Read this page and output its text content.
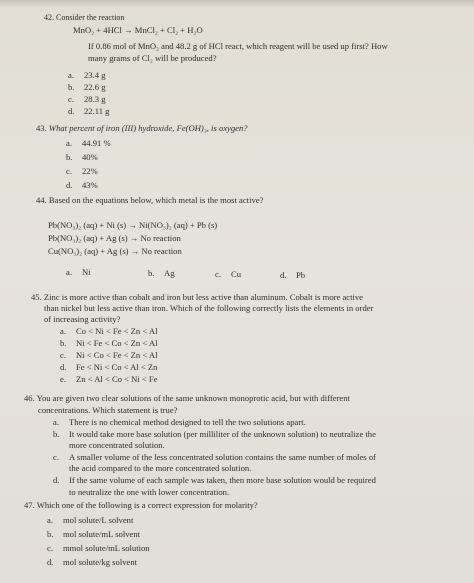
42. Consider the reaction
MnO₂ + 4HCl → MnCl₂ + Cl₂ + H₂O
If 0.86 mol of MnO₂ and 48.2 g of HCl react, which reagent will be used up first? How
many grams of Cl₂ will be produced?
a. 23.4 g
b. 22.6 g
c. 28.3 g
d. 22.11 g
43. What percent of iron (III) hydroxide, Fe(OH)₃, is oxygen?
a. 44.91 %
b. 40%
c. 22%
d. 43%
44. Based on the equations below, which metal is the most active?
Pb(NO₃)₂ (aq) + Ni (s) → Ni(NO₃)₂ (aq) + Pb (s)
Pb(NO₃)₂ (aq) + Ag (s) → No reaction
Cu(NO₃)₂ (aq) + Ag (s) → No reaction
a. Ni	b. Ag	c. Cu	d. Pb
45. Zinc is more active than cobalt and iron but less active than aluminum. Cobalt is more active
than nickel but less active than iron. Which of the following correctly lists the elements in order
of increasing activity?
a. Co < Ni < Fe < Zn < Al
b. Ni < Fe < Co < Zn < Al
c. Ni < Co < Fe < Zn < Al
d. Fe < Ni < Co < Al < Zn
e. Zn < Al < Co < Ni < Fe
46. You are given two clear solutions of the same unknown monoprotic acid, but with different
concentrations. Which statement is true?
a. There is no chemical method designed to tell the two solutions apart.
b. It would take more base solution (per milliliter of the unknown solution) to neutralize the
more concentrated solution.
c. A smaller volume of the less concentrated solution contains the same number of moles of
the acid compared to the more concentrated solution.
d. If the same volume of each sample was taken, then more base solution would be required
to neutralize the one with lower concentration.
47. Which one of the following is a correct expression for molarity?
a. mol solute/L solvent
b. mol solute/mL solvent
c. mmol solute/mL solution
d. mol solute/kg solvent
